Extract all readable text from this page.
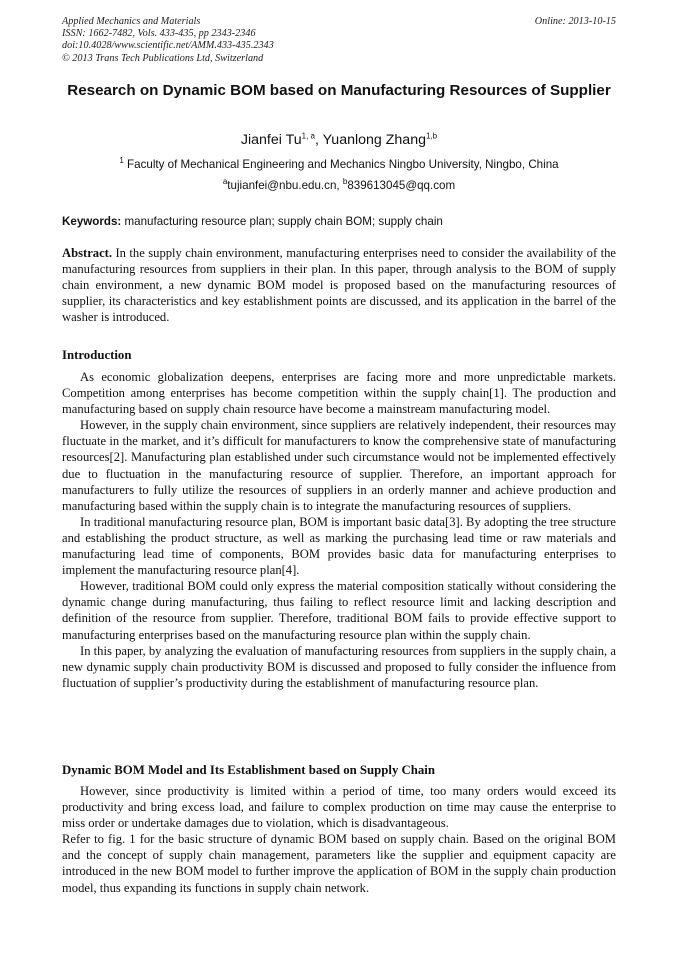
Applied Mechanics and Materials
ISSN: 1662-7482, Vols. 433-435, pp 2343-2346
doi:10.4028/www.scientific.net/AMM.433-435.2343
© 2013 Trans Tech Publications Ltd, Switzerland
Online: 2013-10-15
Research on Dynamic BOM based on Manufacturing Resources of Supplier
Jianfei Tu$^{1, a}$, Yuanlong Zhang$^{1,b}$
$^1$ Faculty of Mechanical Engineering and Mechanics Ningbo University, Ningbo, China
$^a$tujianfei@nbu.edu.cn, $^b$839613045@qq.com
Keywords: manufacturing resource plan; supply chain BOM; supply chain

Abstract. In the supply chain environment, manufacturing enterprises need to consider the availability of the manufacturing resources from suppliers in their plan. In this paper, through analysis to the BOM of supply chain environment, a new dynamic BOM model is proposed based on the manufacturing resources of supplier, its characteristics and key establishment points are discussed, and its application in the barrel of the washer is introduced.

Introduction

As economic globalization deepens, enterprises are facing more and more unpredictable markets. Competition among enterprises has become competition within the supply chain[1]. The production and manufacturing based on supply chain resource have become a mainstream manufacturing model.

However, in the supply chain environment, since suppliers are relatively independent, their resources may fluctuate in the market, and it’s difficult for manufacturers to know the comprehensive state of manufacturing resources[2]. Manufacturing plan established under such circumstance would not be implemented effectively due to fluctuation in the manufacturing resource of supplier. Therefore, an important approach for manufacturers to fully utilize the resources of suppliers in an orderly manner and achieve production and manufacturing based within the supply chain is to integrate the manufacturing resources of suppliers.

In traditional manufacturing resource plan, BOM is important basic data[3]. By adopting the tree structure and establishing the product structure, as well as marking the purchasing lead time or raw materials and manufacturing lead time of components, BOM provides basic data for manufacturing enterprises to implement the manufacturing resource plan[4].

However, traditional BOM could only express the material composition statically without considering the dynamic change during manufacturing, thus failing to reflect resource limit and lacking description and definition of the resource from supplier. Therefore, traditional BOM fails to provide effective support to manufacturing enterprises based on the manufacturing resource plan within the supply chain.

In this paper, by analyzing the evaluation of manufacturing resources from suppliers in the supply chain, a new dynamic supply chain productivity BOM is discussed and proposed to fully consider the influence from fluctuation of supplier’s productivity during the establishment of manufacturing resource plan.

Dynamic BOM Model and Its Establishment based on Supply Chain

However, since productivity is limited within a period of time, too many orders would exceed its productivity and bring excess load, and failure to complex production on time may cause the enterprise to miss order or undertake damages due to violation, which is disadvantageous.

Refer to fig. 1 for the basic structure of dynamic BOM based on supply chain. Based on the original BOM and the concept of supply chain management, parameters like the supplier and equipment capacity are introduced in the new BOM model to further improve the application of BOM in the supply chain production model, thus expanding its functions in supply chain network.
